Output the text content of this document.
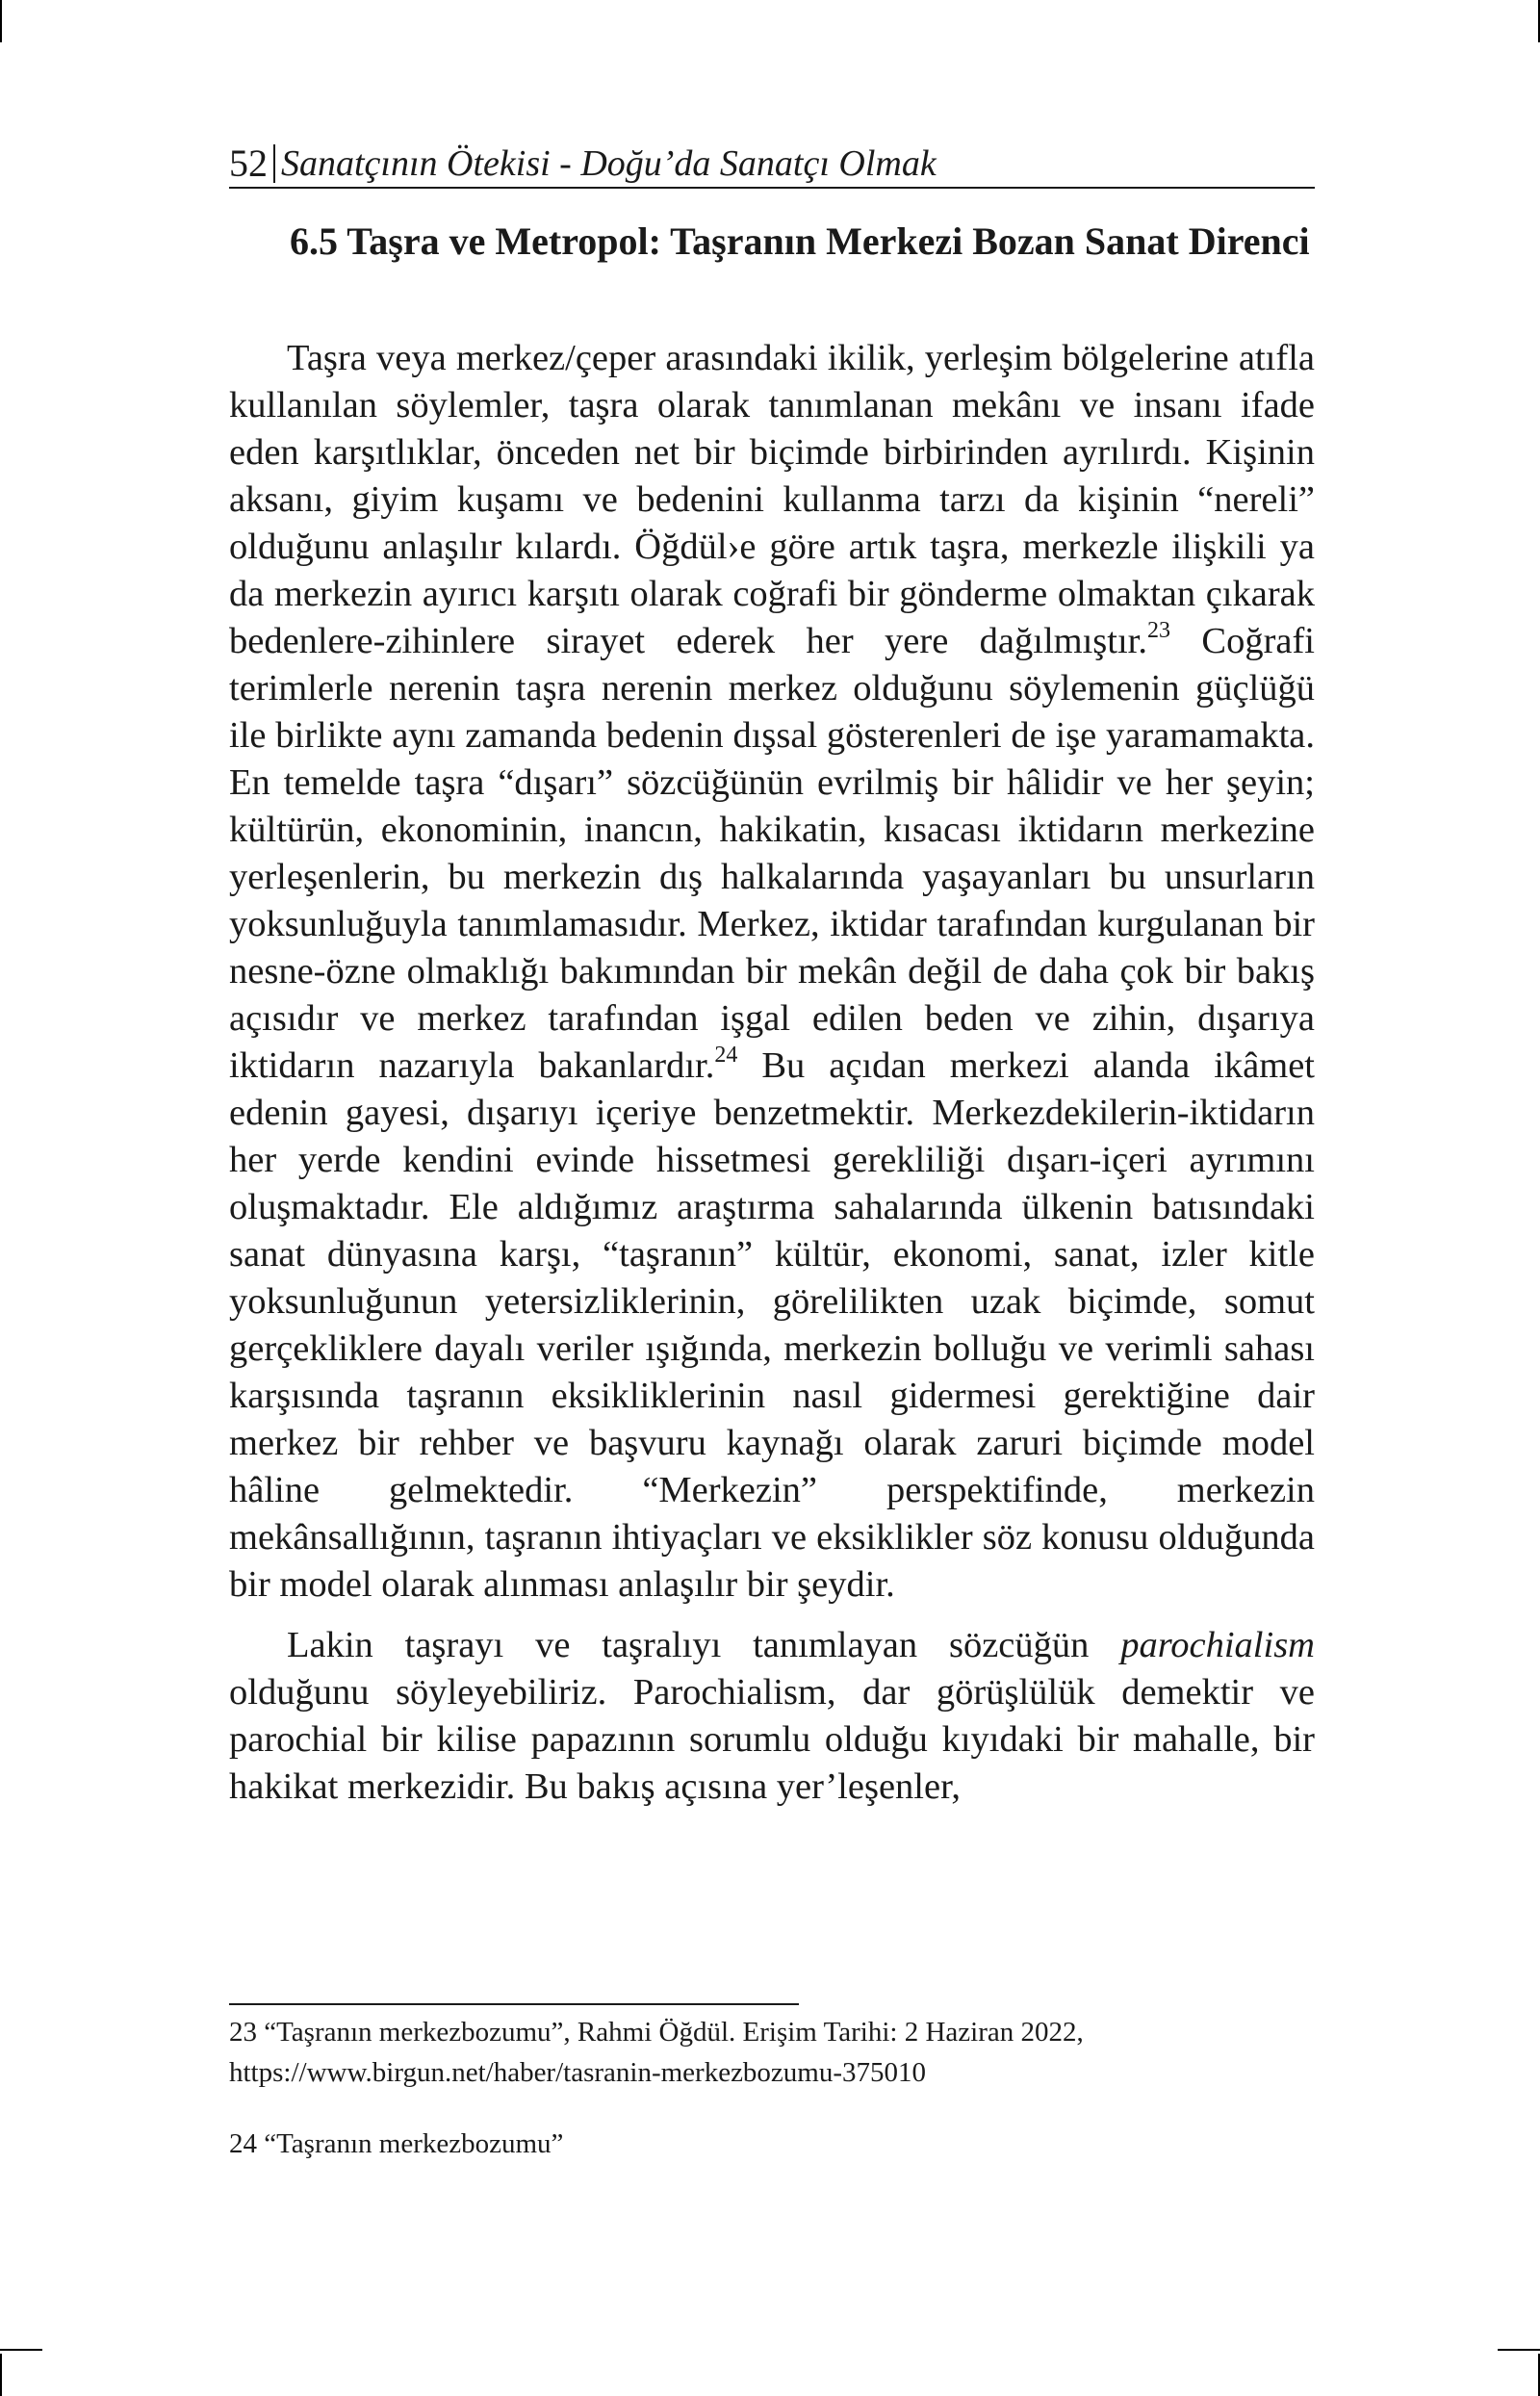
52 Sanatçının Ötekisi - Doğu’da Sanatçı Olmak
6.5 Taşra ve Metropol: Taşranın Merkezi Bozan Sanat Direnci

Taşra veya merkez/çeper arasındaki ikilik, yerleşim bölgelerine atıfla kullanılan söylemler, taşra olarak tanımlanan mekânı ve insanı ifade eden karşıtlıklar, önceden net bir biçimde birbirinden ayrılırdı. Kişinin aksanı, giyim kuşamı ve bedenini kullanma tarzı da kişinin “nereli” olduğunu anlaşılır kılardı. Öğdül›e göre artık taşra, merkezle ilişkili ya da merkezin ayırıcı karşıtı olarak coğrafi bir gönderme olmaktan çıkarak bedenlere-zihinlere sirayet ederek her yere dağılmıştır.$^{23}$ Coğrafi terimlerle nerenin taşra nerenin merkez olduğunu söylemenin güçlüğü ile birlikte aynı zamanda bedenin dışsal gösterenleri de işe yaramamakta. En temelde taşra “dışarı” sözcüğünün evrilmiş bir hâlidir ve her şeyin; kültürün, ekonominin, inancın, hakikatin, kısacası iktidarın merkezine yerleşenlerin, bu merkezin dış halkalarında yaşayanları bu unsurların yoksunluğuyla tanımlamasıdır. Merkez, iktidar tarafından kurgulanan bir nesne-özne olmaklığı bakımından bir mekân değil de daha çok bir bakış açısıdır ve merkez tarafından işgal edilen beden ve zihin, dışarıya iktidarın nazarıyla bakanlardır.$^{24}$ Bu açıdan merkezi alanda ikâmet edenin gayesi, dışarıyı içeriye benzetmektir. Merkezdekilerin-iktidarın her yerde kendini evinde hissetmesi gerekliliği dışarı-içeri ayrımını oluşmaktadır. Ele aldığımız araştırma sahalarında ülkenin batısındaki sanat dünyasına karşı, “taşranın” kültür, ekonomi, sanat, izler kitle yoksunluğunun yetersizliklerinin, görelilikten uzak biçimde, somut gerçekliklere dayalı veriler ışığında, merkezin bolluğu ve verimli sahası karşısında taşranın eksikliklerinin nasıl gidermesi gerektiğine dair merkez bir rehber ve başvuru kaynağı olarak zaruri biçimde model hâline gelmektedir. “Merkezin” perspektifinde, merkezin mekânsallığının, taşranın ihtiyaçları ve eksiklikler söz konusu olduğunda bir model olarak alınması anlaşılır bir şeydir.

Lakin taşrayı ve taşralıyı tanımlayan sözcüğün parochialism olduğunu söyleyebiliriz. Parochialism, dar görüşlülük demektir ve parochial bir kilise papazının sorumlu olduğu kıyıdaki bir mahalle, bir hakikat merkezidir. Bu bakış açısına yer’leşenler,

23 “Taşranın merkezbozumu”, Rahmi Öğdül. Erişim Tarihi: 2 Haziran 2022, https://www.birgun.net/haber/tasranin-merkezbozumu-375010

24 “Taşranın merkezbozumu”
